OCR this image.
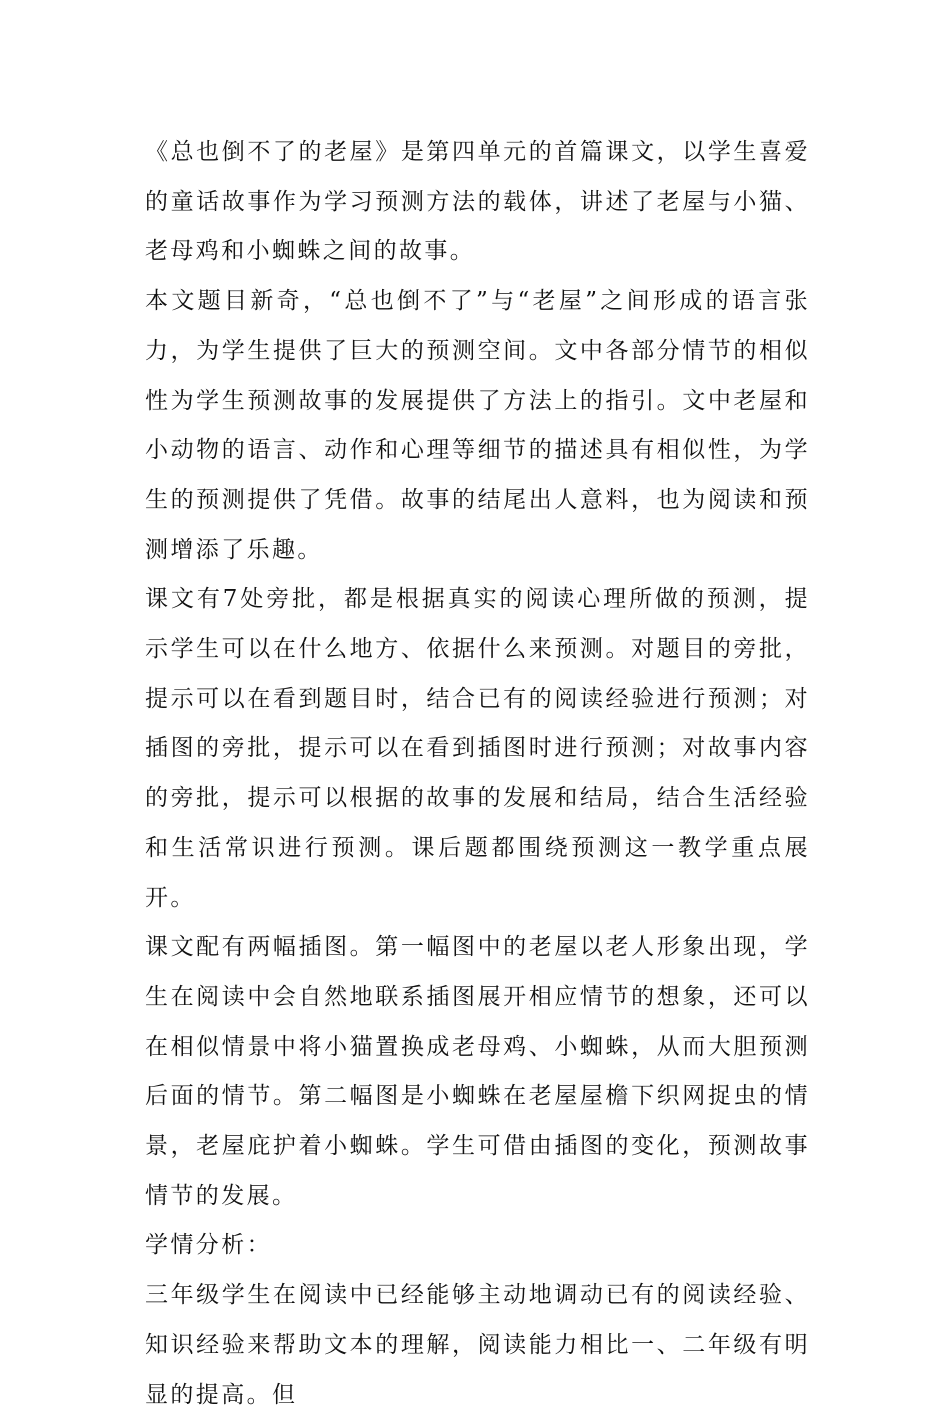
《总也倒不了的老屋》是第四单元的首篇课文，以学生喜爱的童话故事作为学习预测方法的载体，讲述了老屋与小猫、老母鸡和小蜘蛛之间的故事。

本文题目新奇，“总也倒不了”与“老屋”之间形成的语言张力，为学生提供了巨大的预测空间。文中各部分情节的相似性为学生预测故事的发展提供了方法上的指引。文中老屋和小动物的语言、动作和心理等细节的描述具有相似性，为学生的预测提供了凭借。故事的结尾出人意料，也为阅读和预测增添了乐趣。

课文有7处旁批，都是根据真实的阅读心理所做的预测，提示学生可以在什么地方、依据什么来预测。对题目的旁批，提示可以在看到题目时，结合已有的阅读经验进行预测；对插图的旁批，提示可以在看到插图时进行预测；对故事内容的旁批，提示可以根据的故事的发展和结局，结合生活经验和生活常识进行预测。课后题都围绕预测这一教学重点展开。

课文配有两幅插图。第一幅图中的老屋以老人形象出现，学生在阅读中会自然地联系插图展开相应情节的想象，还可以在相似情景中将小猫置换成老母鸡、小蜘蛛，从而大胆预测后面的情节。第二幅图是小蜘蛛在老屋屋檐下织网捉虫的情景，老屋庇护着小蜘蛛。学生可借由插图的变化，预测故事情节的发展。

学情分析：

三年级学生在阅读中已经能够主动地调动已有的阅读经验、知识经验来帮助文本的理解，阅读能力相比一、二年级有明显的提高。但
